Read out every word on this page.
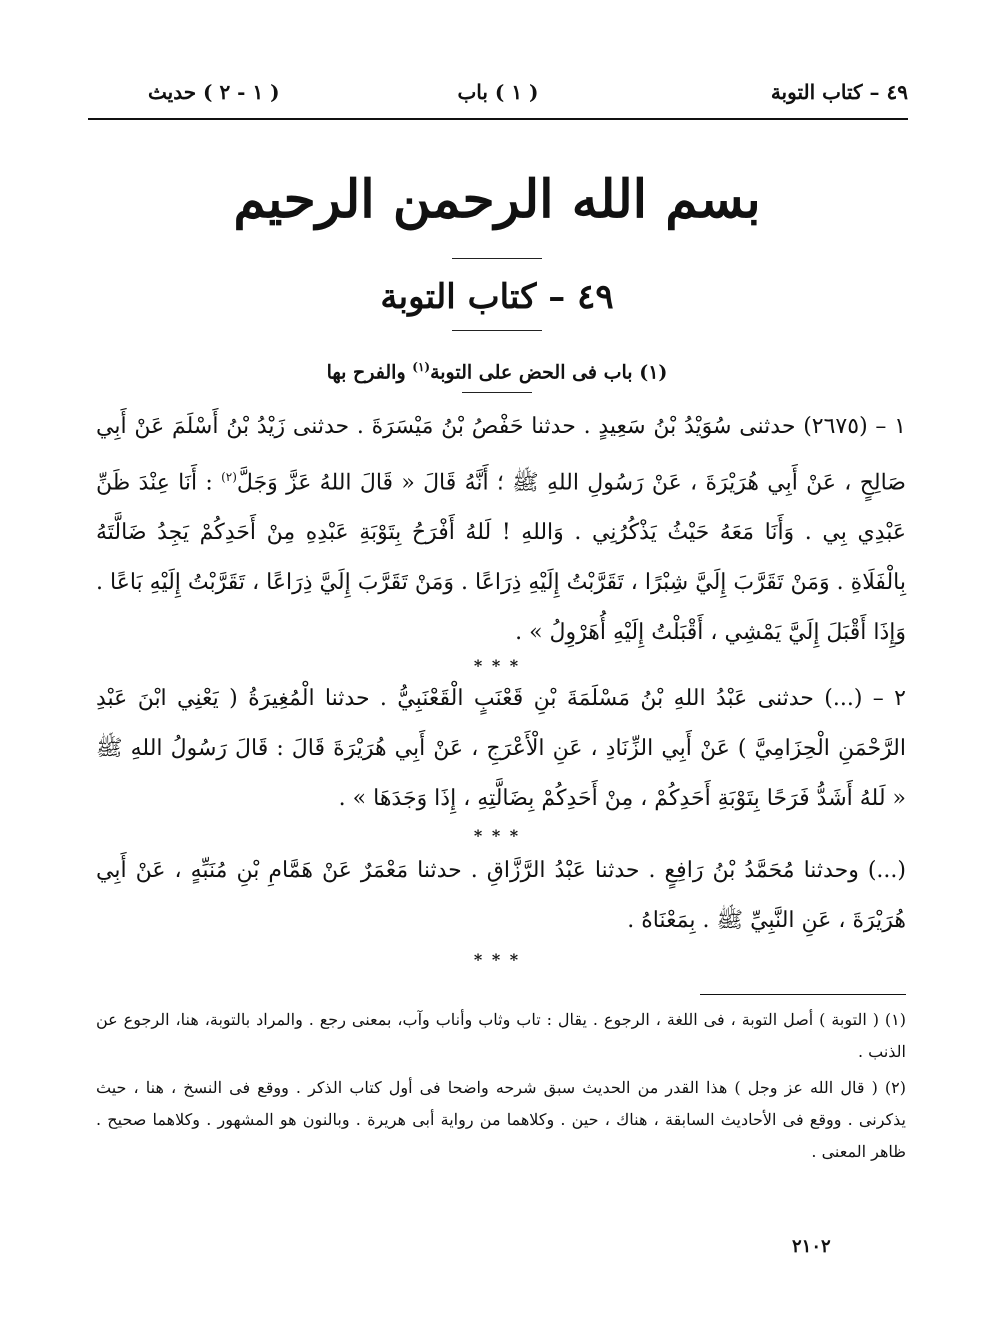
٤٩ – كتاب التوبة
( ١ ) باب
( ١ - ٢ ) حديث
بسم الله الرحمن الرحيم
٤٩ – كتاب التوبة
(١) باب فى الحض على التوبة$^{(١)}$ والفرح بها
١ – (٢٦٧٥) حدثنى سُوَيْدُ بْنُ سَعِيدٍ . حدثنا حَفْصُ بْنُ مَيْسَرَةَ . حدثنى زَيْدُ بْنُ أَسْلَمَ عَنْ أَبِي صَالِحٍ ، عَنْ أَبِي هُرَيْرَةَ ، عَنْ رَسُولِ اللهِ ﷺ ؛ أَنَّهُ قَالَ « قَالَ اللهُ عَزَّ وَجَلَّ$^{(٢)}$ : أَنَا عِنْدَ ظَنِّ عَبْدِي بِي . وَأَنَا مَعَهُ حَيْثُ يَذْكُرُنِي . وَاللهِ ! لَلهُ أَفْرَحُ بِتَوْبَةِ عَبْدِهِ مِنْ أَحَدِكُمْ يَجِدُ ضَالَّتَهُ بِالْفَلَاةِ . وَمَنْ تَقَرَّبَ إِلَيَّ شِبْرًا ، تَقَرَّبْتُ إِلَيْهِ ذِرَاعًا . وَمَنْ تَقَرَّبَ إِلَيَّ ذِرَاعًا ، تَقَرَّبْتُ إِلَيْهِ بَاعًا . وَإِذَا أَقْبَلَ إِلَيَّ يَمْشِي ، أَقْبَلْتُ إِلَيْهِ أُهَرْوِلُ » .
* * *
٢ – (...) حدثنى عَبْدُ اللهِ بْنُ مَسْلَمَةَ بْنِ قَعْنَبٍ الْقَعْنَبِيُّ . حدثنا الْمُغِيرَةُ ( يَعْنِي ابْنَ عَبْدِ الرَّحْمَنِ الْحِزَامِيَّ ) عَنْ أَبِي الزِّنَادِ ، عَنِ الْأَعْرَجِ ، عَنْ أَبِي هُرَيْرَةَ قَالَ : قَالَ رَسُولُ اللهِ ﷺ « لَلهُ أَشَدُّ فَرَحًا بِتَوْبَةِ أَحَدِكُمْ ، مِنْ أَحَدِكُمْ بِضَالَّتِهِ ، إِذَا وَجَدَهَا » .
* * *
(...) وحدثنا مُحَمَّدُ بْنُ رَافِعٍ . حدثنا عَبْدُ الرَّزَّاقِ . حدثنا مَعْمَرٌ عَنْ هَمَّامِ بْنِ مُنَبِّهٍ ، عَنْ أَبِي هُرَيْرَةَ ، عَنِ النَّبِيِّ ﷺ . بِمَعْنَاهُ .
* * *
(١) ( التوبة ) أصل التوبة ، فى اللغة ، الرجوع . يقال : تاب وثاب وأناب وآب، بمعنى رجع . والمراد بالتوبة، هنا، الرجوع عن الذنب .
(٢) ( قال الله عز وجل ) هذا القدر من الحديث سبق شرحه واضحا فى أول كتاب الذكر . ووقع فى النسخ ، هنا ، حيث يذكرنى . ووقع فى الأحاديث السابقة ، هناك ، حين . وكلاهما من رواية أبى هريرة . وبالنون هو المشهور . وكلاهما صحيح . ظاهر المعنى .
٢١٠٢
